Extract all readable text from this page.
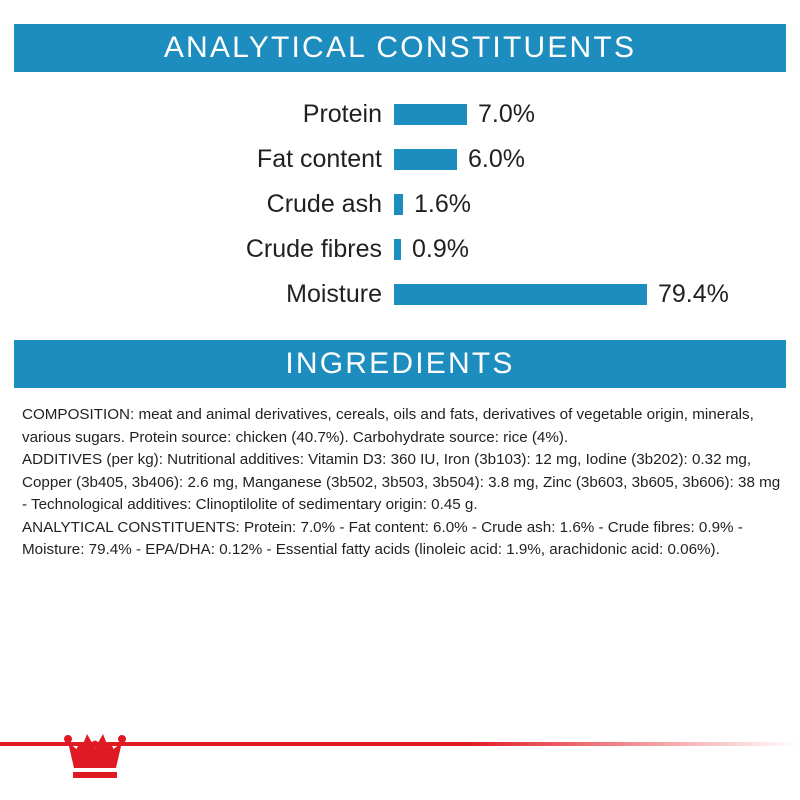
ANALYTICAL CONSTITUENTS
Protein	7.0%
Fat content	6.0%
Crude ash	1.6%
Crude fibres	0.9%
Moisture	79.4%
INGREDIENTS

COMPOSITION: meat and animal derivatives, cereals, oils and fats, derivatives of vegetable origin, minerals, various sugars. Protein source: chicken (40.7%). Carbohydrate source: rice (4%).

ADDITIVES (per kg): Nutritional additives: Vitamin D3: 360 IU, Iron (3b103): 12 mg, Iodine (3b202): 0.32 mg, Copper (3b405, 3b406): 2.6 mg, Manganese (3b502, 3b503, 3b504): 3.8 mg, Zinc (3b603, 3b605, 3b606): 38 mg - Technological additives: Clinoptilolite of sedimentary origin: 0.45 g.

ANALYTICAL CONSTITUENTS: Protein: 7.0% - Fat content: 6.0% - Crude ash: 1.6% - Crude fibres: 0.9% - Moisture: 79.4% - EPA/DHA: 0.12% - Essential fatty acids (linoleic acid: 1.9%, arachidonic acid: 0.06%).
